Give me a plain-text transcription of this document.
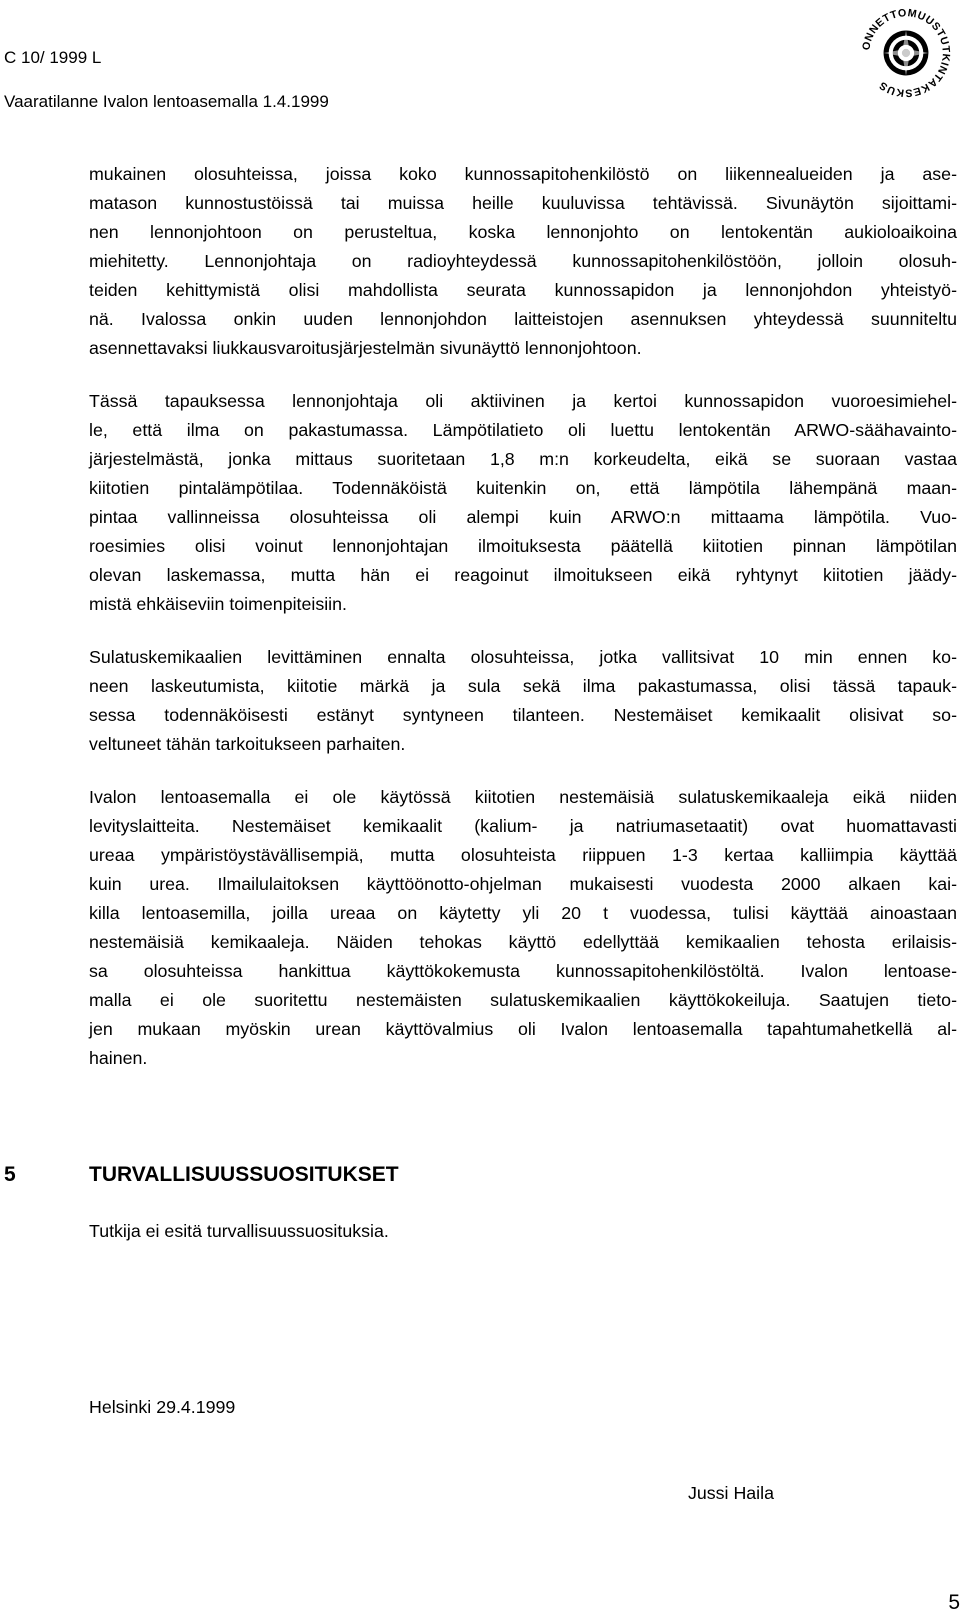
C 10/ 1999 L
Vaaratilanne Ivalon lentoasemalla 1.4.1999
ONNETTOMUUSTUTKINTAKESKUS
mukainen olosuhteissa, joissa koko kunnossapitohenkilöstö on liikennealueiden ja ase-
matason kunnostustöissä tai muissa heille kuuluvissa tehtävissä. Sivunäytön sijoittami-
nen lennonjohtoon on perusteltua, koska lennonjohto on lentokentän aukioloaikoina
miehitetty. Lennonjohtaja on radioyhteydessä kunnossapitohenkilöstöön, jolloin olosuh-
teiden kehittymistä olisi mahdollista seurata kunnossapidon ja lennonjohdon yhteistyö-
nä. Ivalossa onkin uuden lennonjohdon laitteistojen asennuksen yhteydessä suunniteltu
asennettavaksi liukkausvaroitusjärjestelmän sivunäyttö lennonjohtoon.
Tässä tapauksessa lennonjohtaja oli aktiivinen ja kertoi kunnossapidon vuoroesimiehel-
le, että ilma on pakastumassa. Lämpötilatieto oli luettu lentokentän ARWO-säähavainto-
järjestelmästä, jonka mittaus suoritetaan 1,8 m:n korkeudelta, eikä se suoraan vastaa
kiitotien pintalämpötilaa. Todennäköistä kuitenkin on, että lämpötila lähempänä maan-
pintaa vallinneissa olosuhteissa oli alempi kuin ARWO:n mittaama lämpötila. Vuo-
roesimies olisi voinut lennonjohtajan ilmoituksesta päätellä kiitotien pinnan lämpötilan
olevan laskemassa, mutta hän ei reagoinut ilmoitukseen eikä ryhtynyt kiitotien jäädy-
mistä ehkäiseviin toimenpiteisiin.
Sulatuskemikaalien levittäminen ennalta olosuhteissa, jotka vallitsivat 10 min ennen ko-
neen laskeutumista, kiitotie märkä ja sula sekä ilma pakastumassa, olisi tässä tapauk-
sessa todennäköisesti estänyt syntyneen tilanteen. Nestemäiset kemikaalit olisivat so-
veltuneet tähän tarkoitukseen parhaiten.
Ivalon lentoasemalla ei ole käytössä kiitotien nestemäisiä sulatuskemikaaleja eikä niiden
levityslaitteita. Nestemäiset kemikaalit (kalium- ja natriumasetaatit) ovat huomattavasti
ureaa ympäristöystävällisempiä, mutta olosuhteista riippuen 1-3 kertaa kalliimpia käyttää
kuin urea. Ilmailulaitoksen käyttöönotto-ohjelman mukaisesti vuodesta 2000 alkaen kai-
killa lentoasemilla, joilla ureaa on käytetty yli 20 t vuodessa, tulisi käyttää ainoastaan
nestemäisiä kemikaaleja. Näiden tehokas käyttö edellyttää kemikaalien tehosta erilaisis-
sa olosuhteissa hankittua käyttökokemusta kunnossapitohenkilöstöltä. Ivalon lentoase-
malla ei ole suoritettu nestemäisten sulatuskemikaalien käyttökokeiluja. Saatujen tieto-
jen mukaan myöskin urean käyttövalmius oli Ivalon lentoasemalla tapahtumahetkellä al-
hainen.
5	TURVALLISUUSSUOSITUKSET
Tutkija ei esitä turvallisuussuosituksia.
Helsinki 29.4.1999
Jussi Haila
5
